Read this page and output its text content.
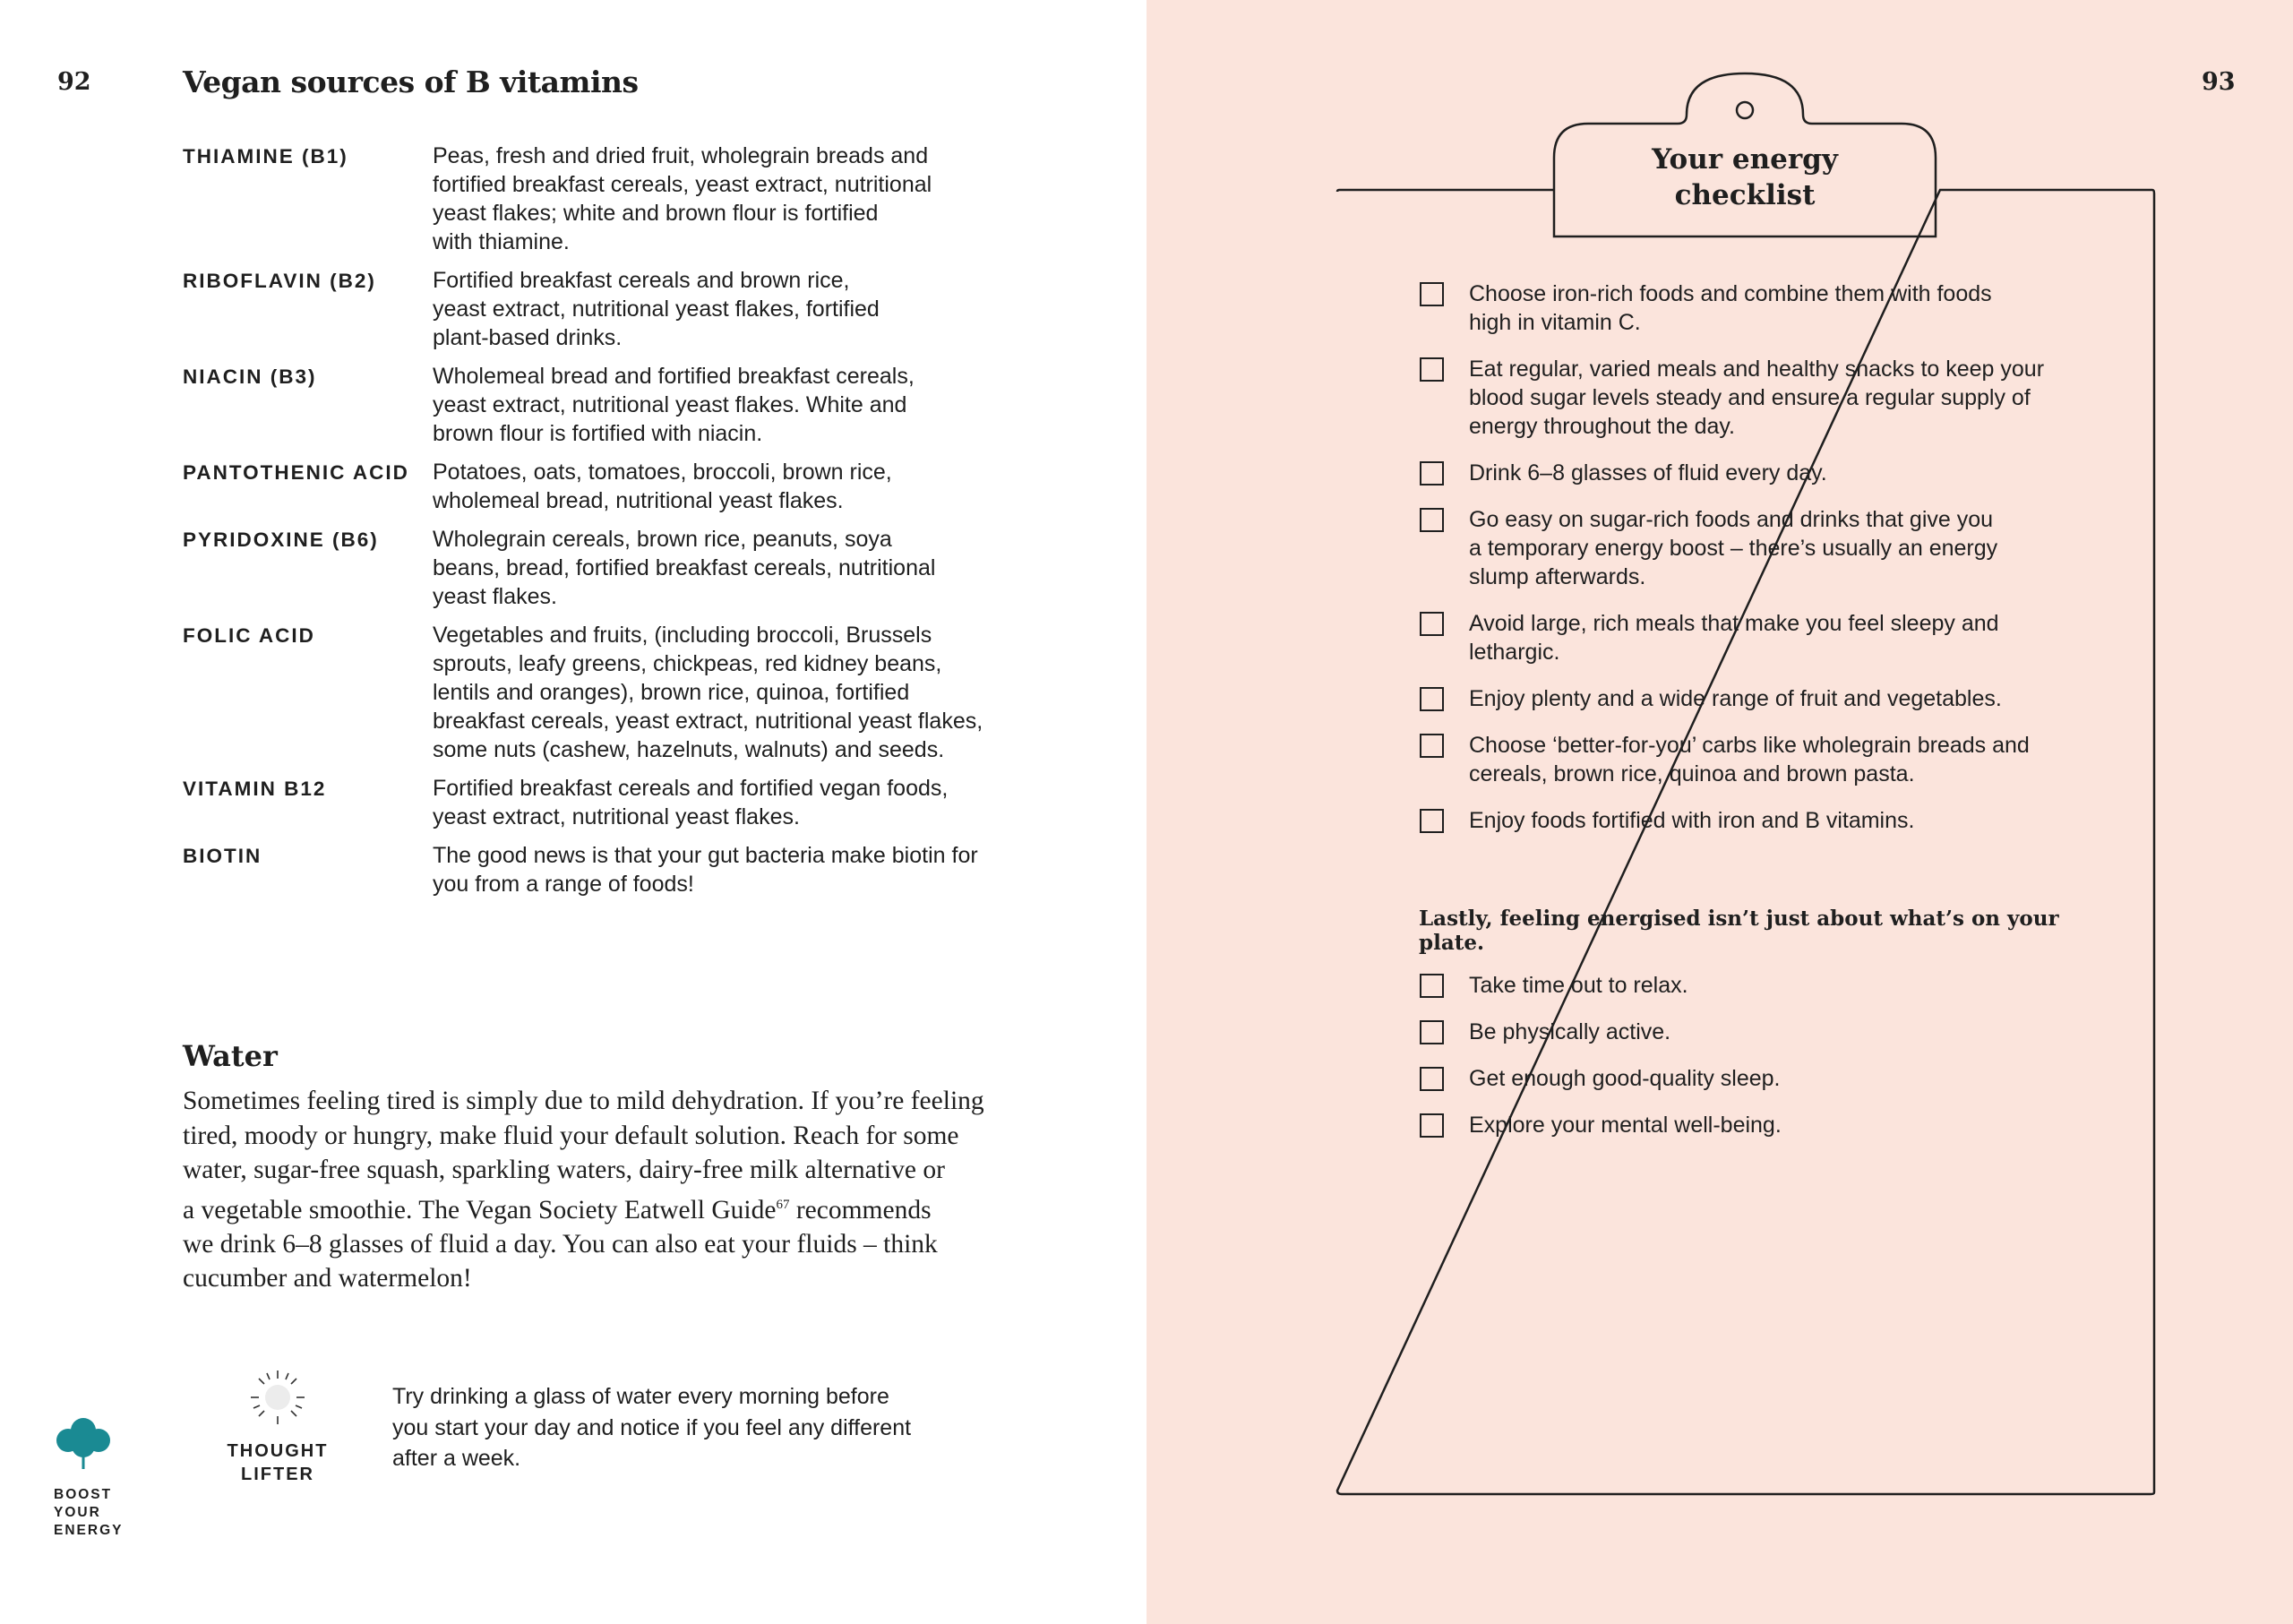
92	Vegan sources of B vitamins
THIAMINE (B1)	Peas, fresh and dried fruit, wholegrain breads and
fortified breakfast cereals, yeast extract, nutritional
yeast flakes; white and brown flour is fortified
with thiamine.
RIBOFLAVIN (B2)	Fortified breakfast cereals and brown rice,
yeast extract, nutritional yeast flakes, fortified
plant-based drinks.
NIACIN (B3)	Wholemeal bread and fortified breakfast cereals,
yeast extract, nutritional yeast flakes. White and
brown flour is fortified with niacin.
PANTOTHENIC ACID	Potatoes, oats, tomatoes, broccoli, brown rice,
wholemeal bread, nutritional yeast flakes.
PYRIDOXINE (B6)	Wholegrain cereals, brown rice, peanuts, soya
beans, bread, fortified breakfast cereals, nutritional
yeast flakes.
FOLIC ACID	Vegetables and fruits, (including broccoli, Brussels
sprouts, leafy greens, chickpeas, red kidney beans,
lentils and oranges), brown rice, quinoa, fortified
breakfast cereals, yeast extract, nutritional yeast flakes,
some nuts (cashew, hazelnuts, walnuts) and seeds.
VITAMIN B12	Fortified breakfast cereals and fortified vegan foods,
yeast extract, nutritional yeast flakes.
BIOTIN	The good news is that your gut bacteria make biotin for
you from a range of foods!
Water
Sometimes feeling tired is simply due to mild dehydration. If you’re feeling
tired, moody or hungry, make fluid your default solution. Reach for some
water, sugar-free squash, sparkling waters, dairy-free milk alternative or
a vegetable smoothie. The Vegan Society Eatwell Guide$^{67}$ recommends
we drink 6–8 glasses of fluid a day. You can also eat your fluids – think
cucumber and watermelon!
BOOST
YOUR
ENERGY
THOUGHT
LIFTER
Try drinking a glass of water every morning before
you start your day and notice if you feel any different
after a week.
93
Your energy
checklist
Choose iron-rich foods and combine them with foods
high in vitamin C.
Eat regular, varied meals and healthy snacks to keep your
blood sugar levels steady and ensure a regular supply of
energy throughout the day.
Drink 6–8 glasses of fluid every day.
Go easy on sugar-rich foods and drinks that give you
a temporary energy boost – there’s usually an energy
slump afterwards.
Avoid large, rich meals that make you feel sleepy and
lethargic.
Enjoy plenty and a wide range of fruit and vegetables.
Choose ‘better-for-you’ carbs like wholegrain breads and
cereals, brown rice, quinoa and brown pasta.
Enjoy foods fortified with iron and B vitamins.
Lastly, feeling energised isn’t just about what’s on your plate.
Take time out to relax.
Be physically active.
Get enough good-quality sleep.
Explore your mental well-being.
